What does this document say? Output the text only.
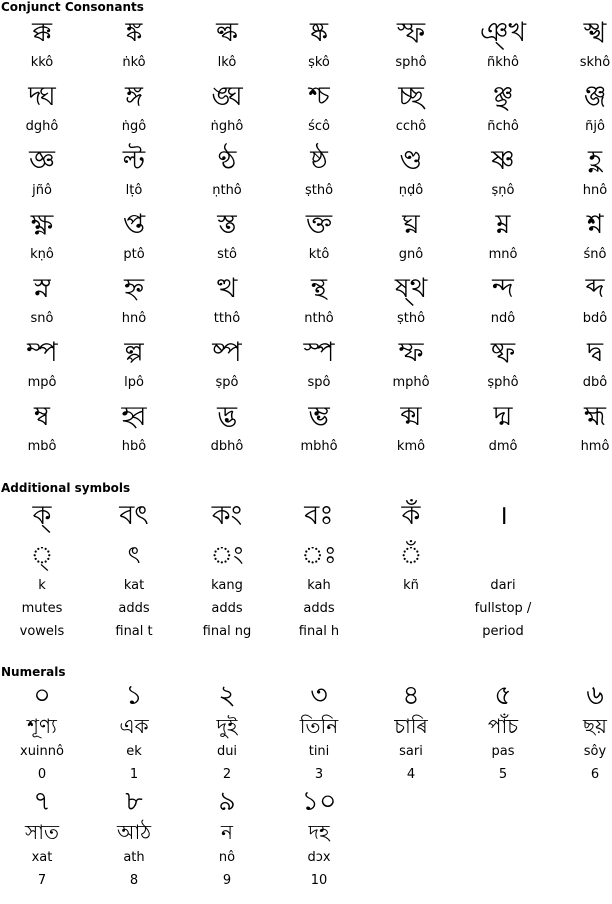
Conjunct Consonants
ক্ক
kkô
ঙ্ক
ṅkô
ল্ক
lkô
ষ্ক
ṣkô
স্ফ
sphô
ঞ্খ
ñkhô
স্খ
skhô
দ্ঘ
dghô
ঙ্গ
ṅgô
ঙ্ঘ
ṅghô
শ্চ
ścô
চ্ছ
cchô
ঞ্ছ
ñchô
ঞ্জ
ñjô
জ্ঞ
jñô
ল্ট
lṭô
ণ্ঠ
ṇthô
ষ্ঠ
ṣthô
ণ্ড
ṇḍô
ষ্ণ
ṣṇô
হ্ণ
hnô
ক্ষ্ণ
kṇô
প্ত
ptô
স্ত
stô
ক্ত
ktô
ঘ্ন
gnô
ম্ন
mnô
শ্ন
śnô
স্ন
snô
হ্ন
hnô
ত্থ
tthô
ন্থ
nthô
ষ্থ
ṣthô
ন্দ
ndô
ব্দ
bdô
ম্প
mpô
ল্প
lpô
ষ্প
ṣpô
স্প
spô
ম্ফ
mphô
ষ্ফ
ṣphô
দ্ব
dbô
ম্ব
mbô
হ্ব
hbô
দ্ভ
dbhô
ম্ভ
mbhô
ক্ম
kmô
দ্ম
dmô
হ্ম
hmô
Additional symbols
ক্
◌্
k
mutes
vowels
বৎ
ৎ
kat
adds
final t
কং
◌ং
kang
adds
final ng
বঃ
◌ঃ
kah
adds
final h
কঁ
◌ঁ
kñ
।
dari
fullstop /
period
Numerals
০
শূণ্য
xuinnô
0
১
এক
ek
1
২
দুই
dui
2
৩
তিনি
tini
3
৪
চাৰি
sari
4
৫
পাঁচ
pas
5
৬
ছয়
sôy
6
৭
সাত
xat
7
৮
আঠ
ath
8
৯
ন
nô
9
১০
দহ
dɔx
10
